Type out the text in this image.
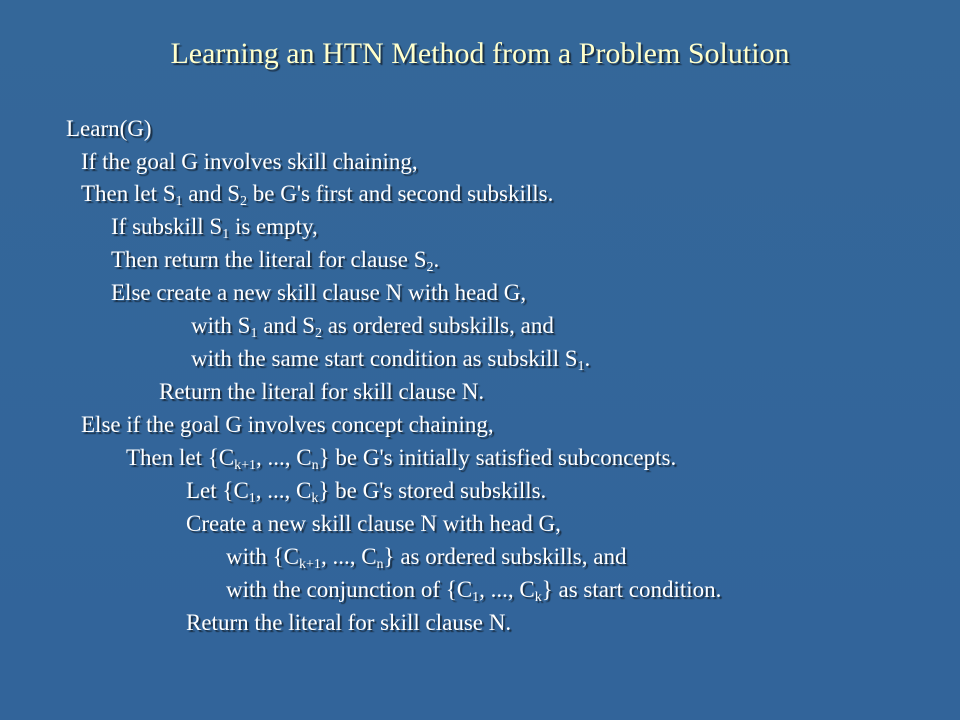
Learning an HTN Method from a Problem Solution
Learn(G)
If the goal G involves skill chaining,
Then let $S_1$ and $S_2$ be G's first and second subskills.
If subskill $S_1$ is empty,
Then return the literal for clause $S_2$.
Else create a new skill clause N with head G,
with $S_1$ and $S_2$ as ordered subskills, and
with the same start condition as subskill $S_1$.
Return the literal for skill clause N.
Else if the goal G involves concept chaining,
Then let {$C_{k+1}$, ..., $C_n$} be G's initially satisfied subconcepts.
Let {$C_1$, ..., $C_k$} be G's stored subskills.
Create a new skill clause N with head G,
with {$C_{k+1}$, ..., $C_n$} as ordered subskills, and
with the conjunction of {$C_1$, ..., $C_k$} as start condition.
Return the literal for skill clause N.
